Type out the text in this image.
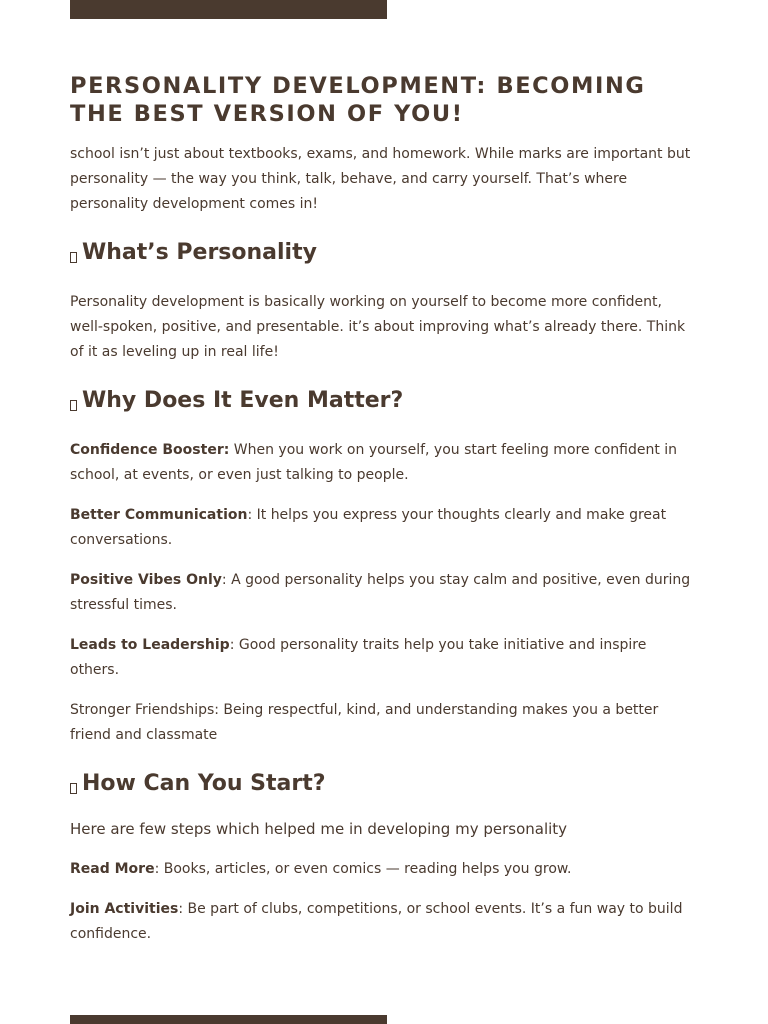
PERSONALITY DEVELOPMENT: BECOMING THE BEST VERSION OF YOU!

school isn’t just about textbooks, exams, and homework. While marks are important but personality — the way you think, talk, behave, and carry yourself. That’s where personality development comes in!

What’s Personality

Personality development is basically working on yourself to become more confident, well-spoken, positive, and presentable. it’s about improving what’s already there. Think of it as leveling up in real life!

Why Does It Even Matter?

Confidence Booster: When you work on yourself, you start feeling more confident in school, at events, or even just talking to people.

Better Communication: It helps you express your thoughts clearly and make great conversations.

Positive Vibes Only: A good personality helps you stay calm and positive, even during stressful times.

Leads to Leadership: Good personality traits help you take initiative and inspire others.

Stronger Friendships: Being respectful, kind, and understanding makes you a better friend and classmate

How Can You Start?

Here are few steps which helped me in developing my personality

Read More: Books, articles, or even comics — reading helps you grow.

Join Activities: Be part of clubs, competitions, or school events. It’s a fun way to build confidence.
